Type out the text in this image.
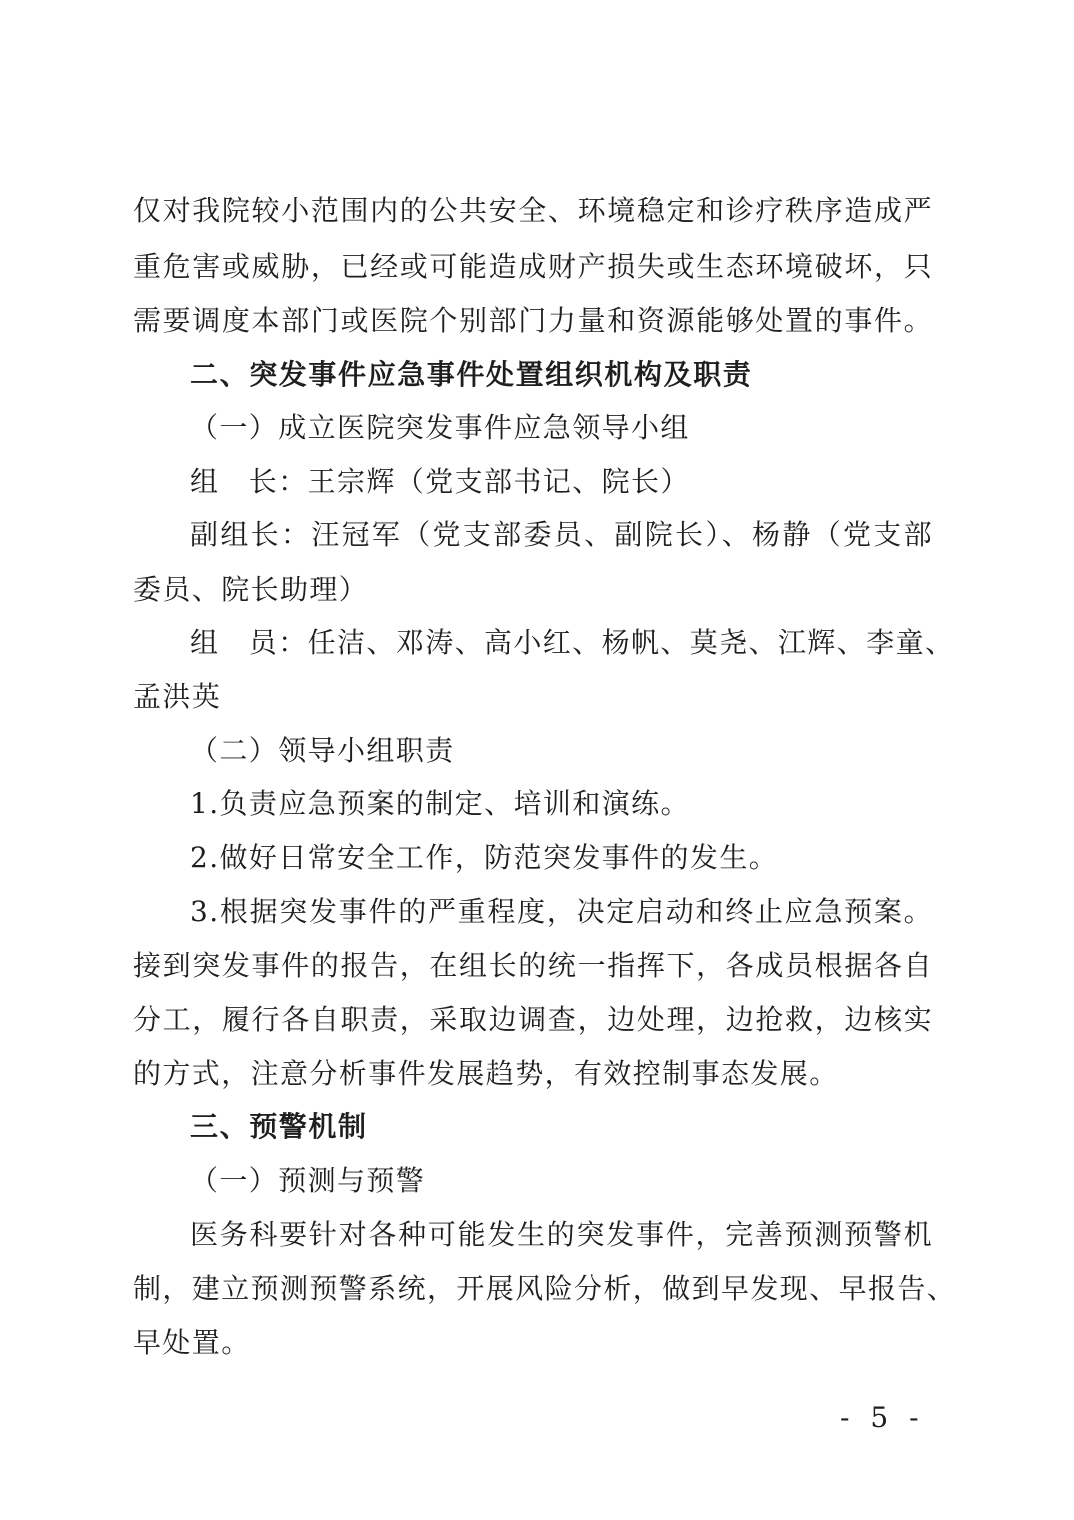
仅对我院较小范围内的公共安全、环境稳定和诊疗秩序造成严
重危害或威胁，已经或可能造成财产损失或生态环境破坏，只
需要调度本部门或医院个别部门力量和资源能够处置的事件。
二、突发事件应急事件处置组织机构及职责
（一）成立医院突发事件应急领导小组
组　长：王宗辉（党支部书记、院长）
副组长：汪冠军（党支部委员、副院长）、杨静（党支部
委员、院长助理）
组　员：任洁、邓涛、高小红、杨帆、莫尧、江辉、李童、
孟洪英
（二）领导小组职责
1.负责应急预案的制定、培训和演练。
2.做好日常安全工作，防范突发事件的发生。
3.根据突发事件的严重程度，决定启动和终止应急预案。
接到突发事件的报告，在组长的统一指挥下，各成员根据各自
分工，履行各自职责，采取边调查，边处理，边抢救，边核实
的方式，注意分析事件发展趋势，有效控制事态发展。
三、预警机制
（一）预测与预警
医务科要针对各种可能发生的突发事件，完善预测预警机
制，建立预测预警系统，开展风险分析，做到早发现、早报告、
早处置。
- 5 -
